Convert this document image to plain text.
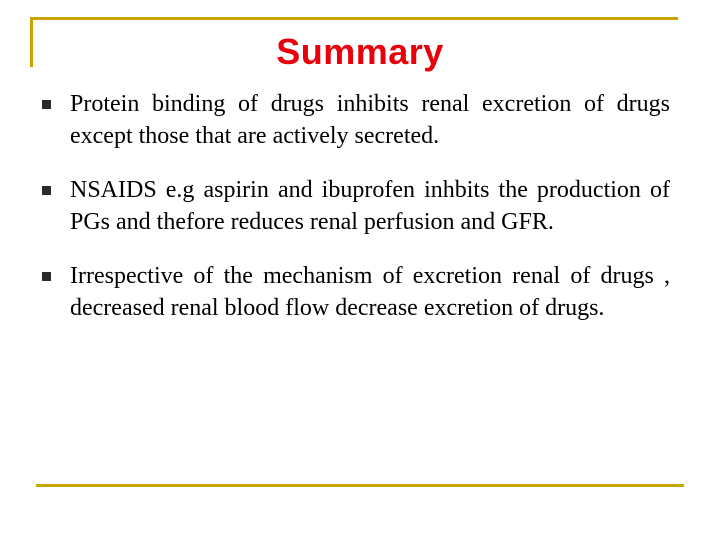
Summary
Protein binding of drugs inhibits renal excretion of drugs except those that are actively secreted.
NSAIDS e.g aspirin and ibuprofen inhbits the production of PGs and thefore reduces renal perfusion and GFR.
Irrespective of the mechanism of excretion renal of drugs , decreased renal blood flow decrease excretion of drugs.
